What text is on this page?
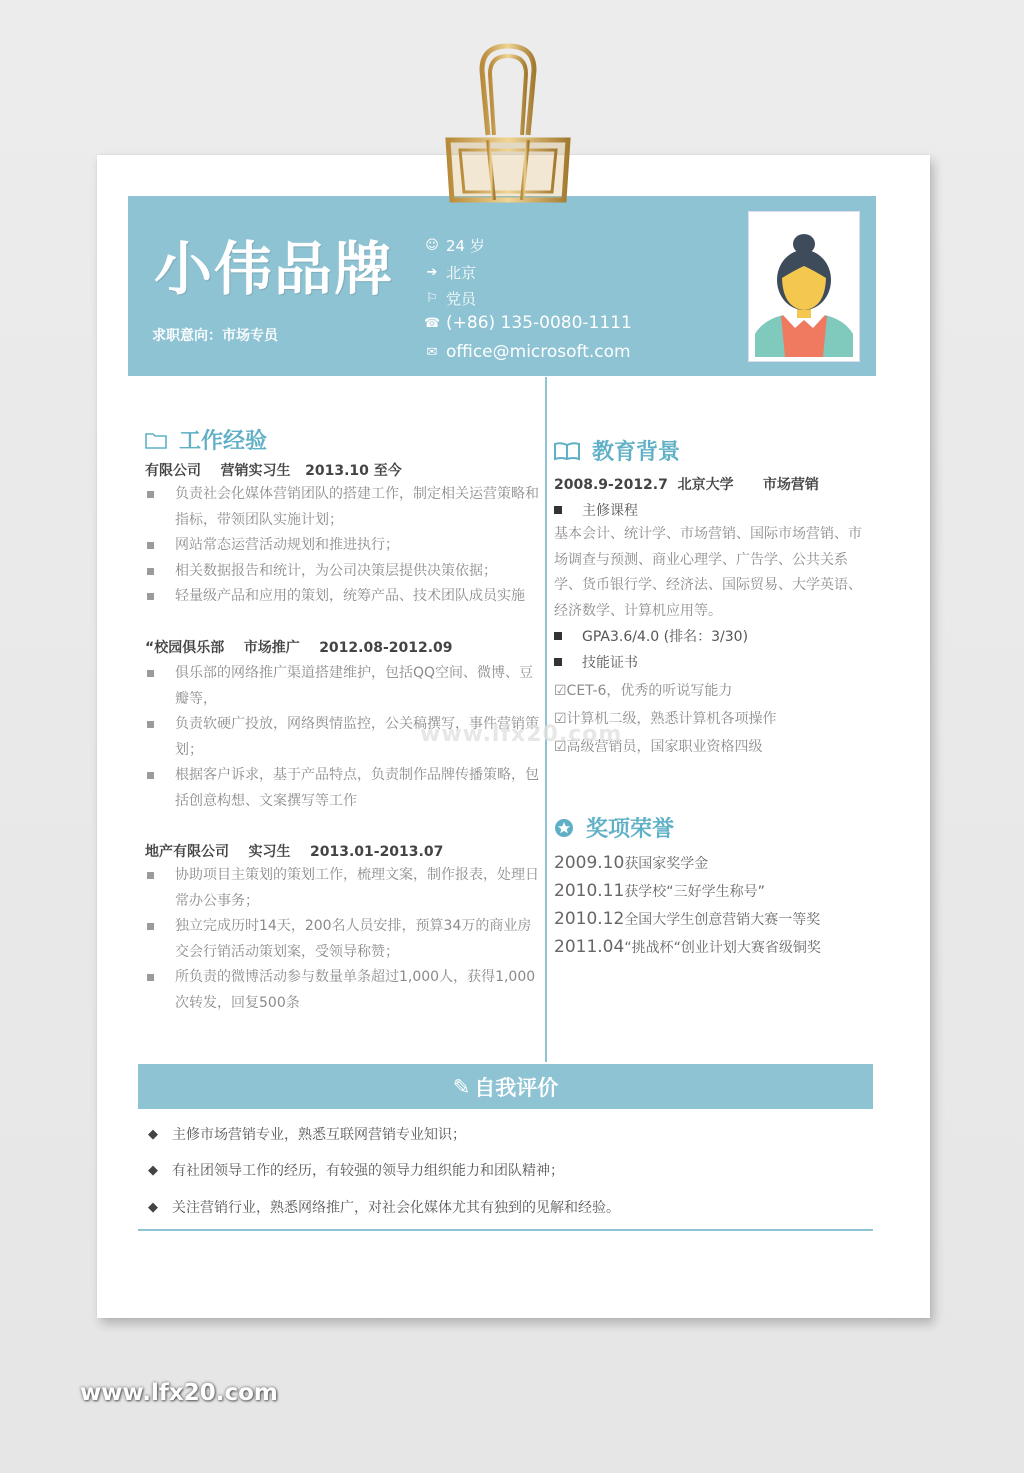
小伟品牌
求职意向：市场专员
☺ 24 岁
➔ 北京
⚐ 党员
☎ (+86) 135-0080-1111
✉ office@microsoft.com
工作经验
有限公司    营销实习生   2013.10 至今
负责社会化媒体营销团队的搭建工作，制定相关运营策略和指标，带领团队实施计划；
网站常态运营活动规划和推进执行；
相关数据报告和统计，为公司决策层提供决策依据；
轻量级产品和应用的策划，统筹产品、技术团队成员实施
“校园俱乐部    市场推广    2012.08-2012.09
俱乐部的网络推广渠道搭建维护，包括QQ空间、微博、豆瓣等，
负责软硬广投放，网络舆情监控，公关稿撰写，事件营销策划；
根据客户诉求，基于产品特点，负责制作品牌传播策略，包括创意构想、文案撰写等工作
地产有限公司    实习生    2013.01-2013.07
协助项目主策划的策划工作，梳理文案，制作报表，处理日常办公事务；
独立完成历时14天，200名人员安排，预算34万的商业房交会行销活动策划案，受领导称赞；
所负责的微博活动参与数量单条超过1,000人，获得1,000次转发，回复500条
教育背景
2008.9-2012.7  北京大学      市场营销
主修课程
基本会计、统计学、市场营销、国际市场营销、市场调查与预测、商业心理学、广告学、公共关系学、货币银行学、经济法、国际贸易、大学英语、经济数学、计算机应用等。
GPA3.6/4.0 (排名：3/30)
技能证书
☑CET-6，优秀的听说写能力
☑计算机二级，熟悉计算机各项操作
☑高级营销员，国家职业资格四级
奖项荣誉
2009.10获国家奖学金
2010.11获学校“三好学生称号”
2010.12全国大学生创意营销大赛一等奖
2011.04“挑战杯“创业计划大赛省级铜奖
✎ 自我评价
◆	主修市场营销专业，熟悉互联网营销专业知识；
◆	有社团领导工作的经历，有较强的领导力组织能力和团队精神；
◆	关注营销行业，熟悉网络推广，对社会化媒体尤其有独到的见解和经验。
www.lfx20.com
www.lfx20.com
